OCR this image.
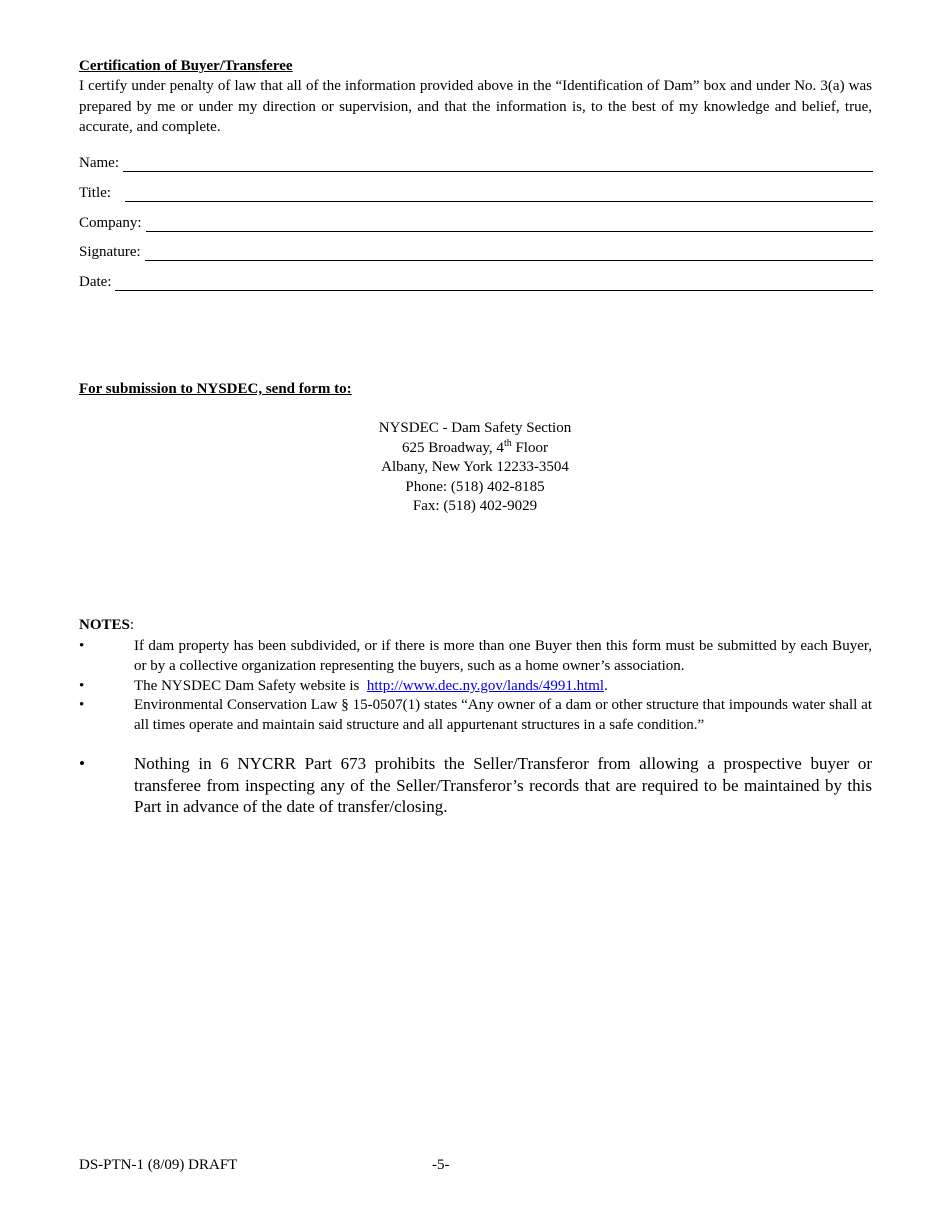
Certification of Buyer/Transferee

I certify under penalty of law that all of the information provided above in the “Identification of Dam” box and under No. 3(a) was prepared by me or under my direction or supervision, and that the information is, to the best of my knowledge and belief, true, accurate, and complete.

Name:
Title:
Company:
Signature:
Date:
For submission to NYSDEC, send form to:
NYSDEC - Dam Safety Section
625 Broadway, 4th Floor
Albany, New York 12233-3504
Phone: (518) 402-8185
Fax: (518) 402-9029
NOTES:
•	If dam property has been subdivided, or if there is more than one Buyer then this form must be submitted by each Buyer, or by a collective organization representing the buyers, such as a home owner’s association.
•	The NYSDEC Dam Safety website is  http://www.dec.ny.gov/lands/4991.html.
•	Environmental Conservation Law § 15-0507(1) states “Any owner of a dam or other structure that impounds water shall at all times operate and maintain said structure and all appurtenant structures in a safe condition.”
•	Nothing in 6 NYCRR Part 673 prohibits the Seller/Transferor from allowing a prospective buyer or transferee from inspecting any of the Seller/Transferor’s records that are required to be maintained by this Part in advance of the date of transfer/closing.
DS-PTN-1 (8/09) DRAFT	-5-
